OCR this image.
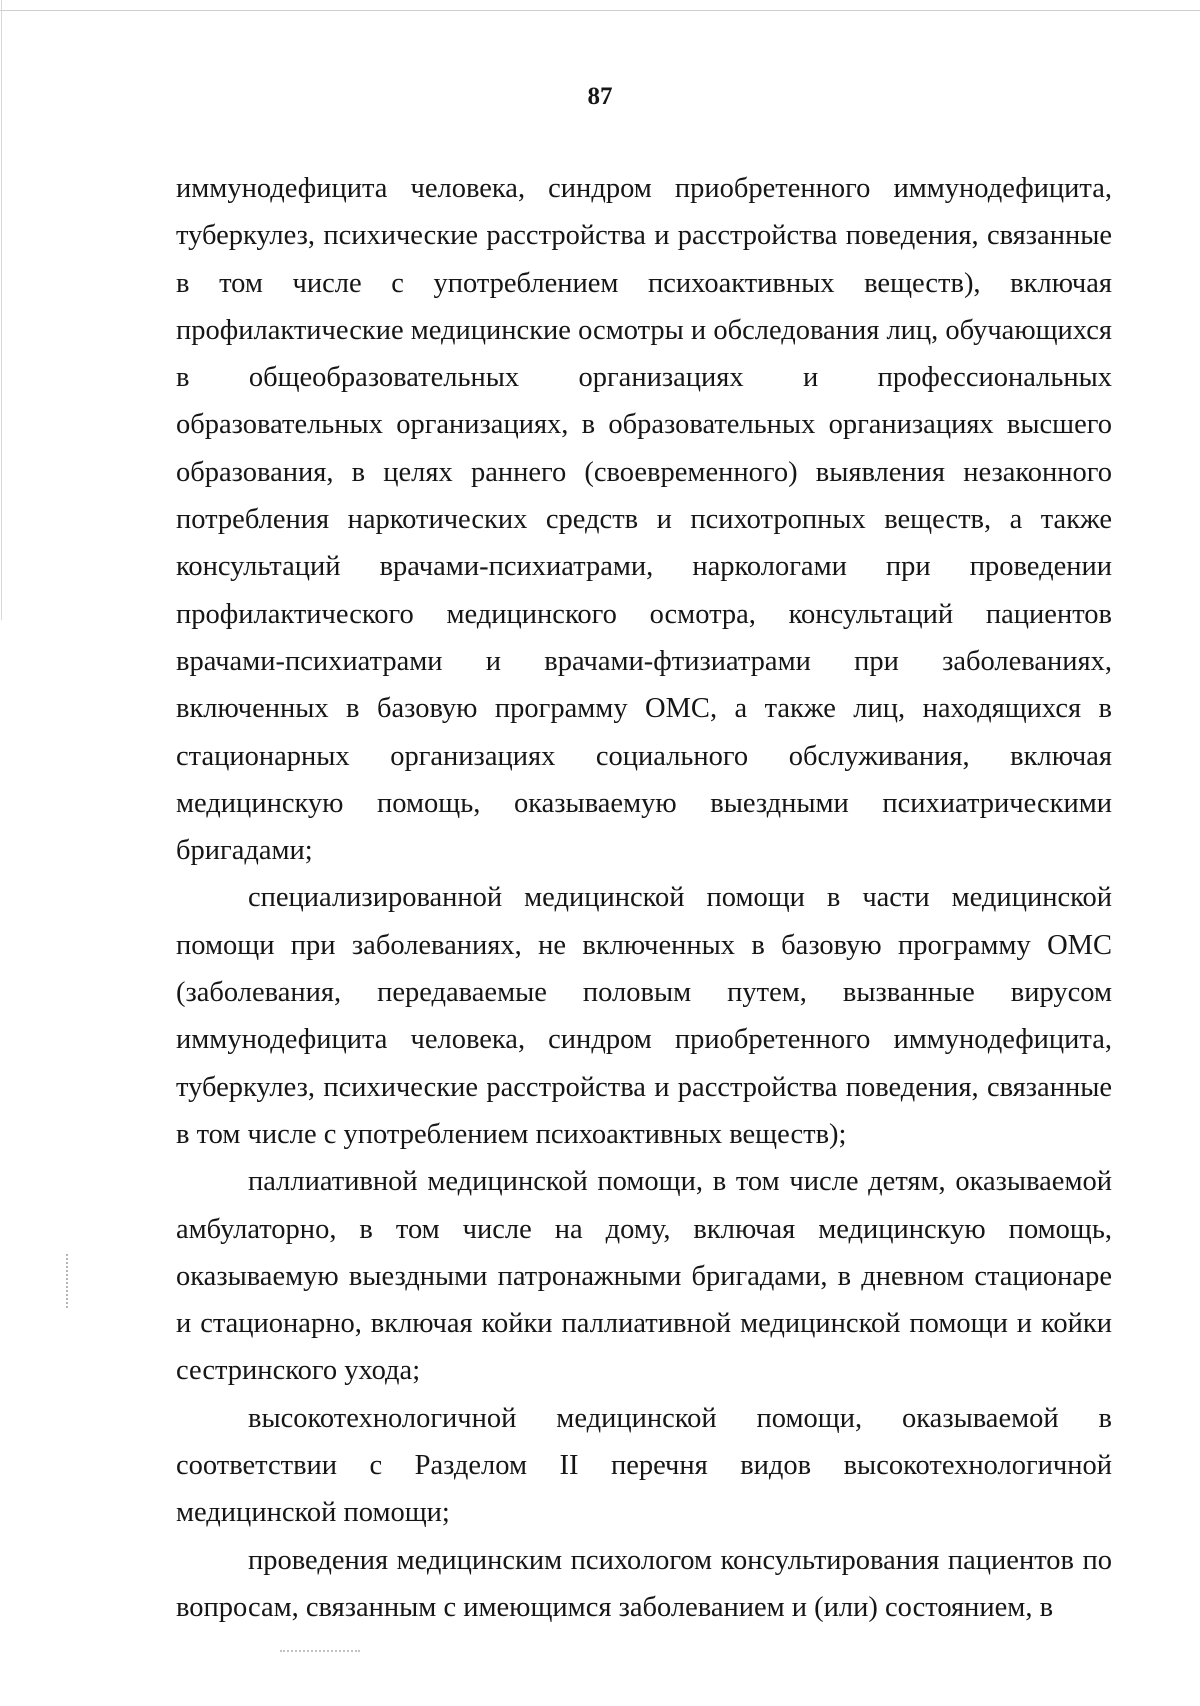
87

иммунодефицита человека, синдром приобретенного иммунодефицита, туберкулез, психические расстройства и расстройства поведения, связанные в том числе с употреблением психоактивных веществ), включая профилактические медицинские осмотры и обследования лиц, обучающихся в общеобразовательных организациях и профессиональных образовательных организациях, в образовательных организациях высшего образования, в целях раннего (своевременного) выявления незаконного потребления наркотических средств и психотропных веществ, а также консультаций врачами-психиатрами, наркологами при проведении профилактического медицинского осмотра, консультаций пациентов врачами-психиатрами и врачами-фтизиатрами при заболеваниях, включенных в базовую программу ОМС, а также лиц, находящихся в стационарных организациях социального обслуживания, включая медицинскую помощь, оказываемую выездными психиатрическими бригадами;

специализированной медицинской помощи в части медицинской помощи при заболеваниях, не включенных в базовую программу ОМС (заболевания, передаваемые половым путем, вызванные вирусом иммунодефицита человека, синдром приобретенного иммунодефицита, туберкулез, психические расстройства и расстройства поведения, связанные в том числе с употреблением психоактивных веществ);

паллиативной медицинской помощи, в том числе детям, оказываемой амбулаторно, в том числе на дому, включая медицинскую помощь, оказываемую выездными патронажными бригадами, в дневном стационаре и стационарно, включая койки паллиативной медицинской помощи и койки сестринского ухода;

высокотехнологичной медицинской помощи, оказываемой в соответствии с Разделом II перечня видов высокотехнологичной медицинской помощи;

проведения медицинским психологом консультирования пациентов по вопросам, связанным с имеющимся заболеванием и (или) состоянием, в
